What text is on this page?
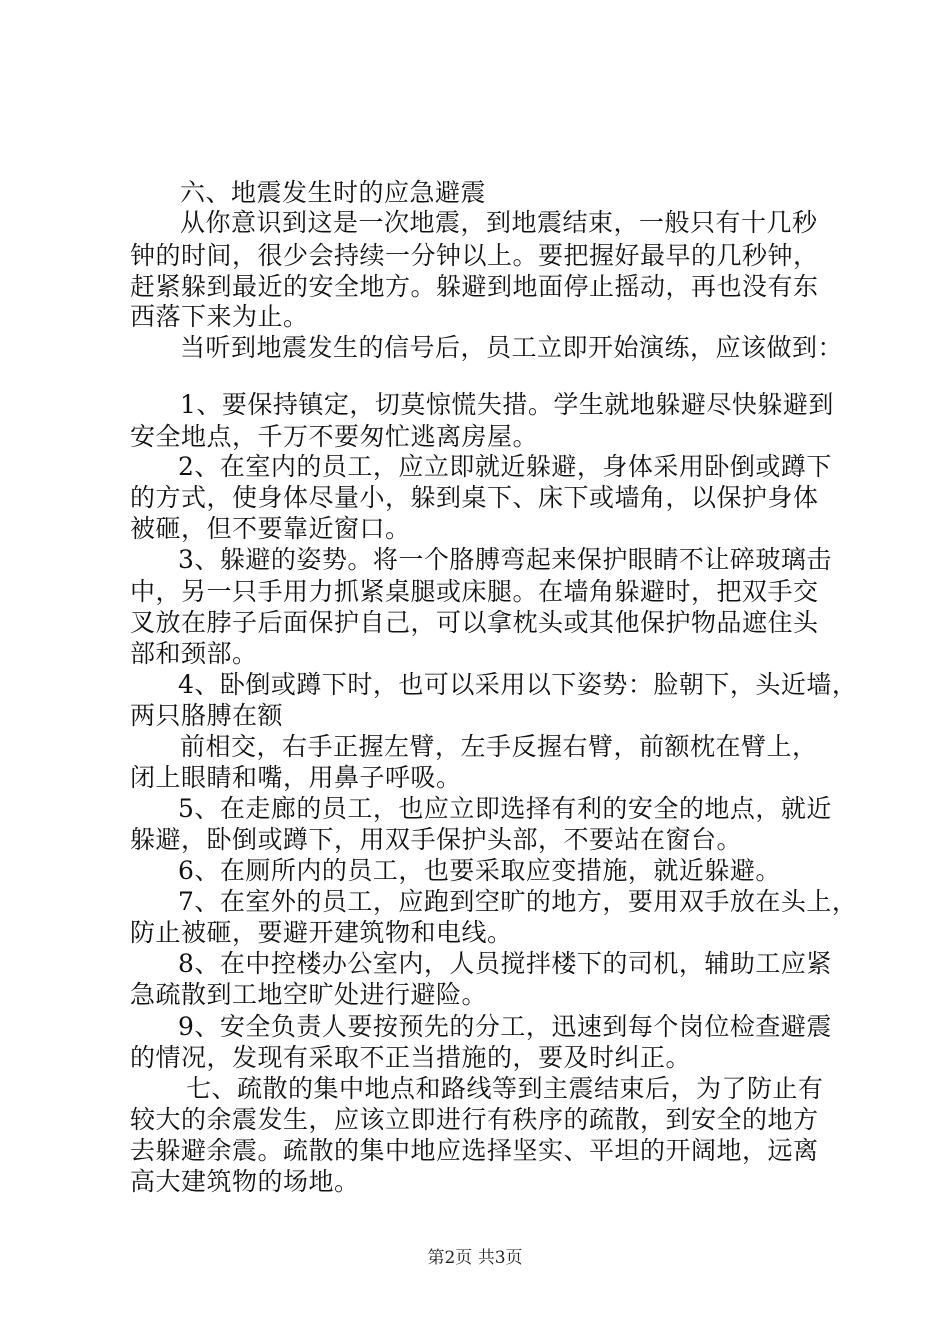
六、地震发生时的应急避震
从你意识到这是一次地震，到地震结束，一般只有十几秒
钟的时间，很少会持续一分钟以上。要把握好最早的几秒钟，
赶紧躲到最近的安全地方。躲避到地面停止摇动，再也没有东
西落下来为止。
当听到地震发生的信号后，员工立即开始演练，应该做到：
1、要保持镇定，切莫惊慌失措。学生就地躲避尽快躲避到
安全地点，千万不要匆忙逃离房屋。
2、在室内的员工，应立即就近躲避，身体采用卧倒或蹲下
的方式，使身体尽量小，躲到桌下、床下或墙角，以保护身体
被砸，但不要靠近窗口。
3、躲避的姿势。将一个胳膊弯起来保护眼睛不让碎玻璃击
中，另一只手用力抓紧桌腿或床腿。在墙角躲避时，把双手交
叉放在脖子后面保护自己，可以拿枕头或其他保护物品遮住头
部和颈部。
4、卧倒或蹲下时，也可以采用以下姿势：脸朝下，头近墙，
两只胳膊在额
前相交，右手正握左臂，左手反握右臂，前额枕在臂上，
闭上眼睛和嘴，用鼻子呼吸。
5、在走廊的员工，也应立即选择有利的安全的地点，就近
躲避，卧倒或蹲下，用双手保护头部，不要站在窗台。
6、在厕所内的员工，也要采取应变措施，就近躲避。
7、在室外的员工，应跑到空旷的地方，要用双手放在头上，
防止被砸，要避开建筑物和电线。
8、在中控楼办公室内，人员搅拌楼下的司机，辅助工应紧
急疏散到工地空旷处进行避险。
9、安全负责人要按预先的分工，迅速到每个岗位检查避震
的情况，发现有采取不正当措施的，要及时纠正。
七、疏散的集中地点和路线等到主震结束后，为了防止有
较大的余震发生，应该立即进行有秩序的疏散，到安全的地方
去躲避余震。疏散的集中地应选择坚实、平坦的开阔地，远离
高大建筑物的场地。
第2页 共3页
